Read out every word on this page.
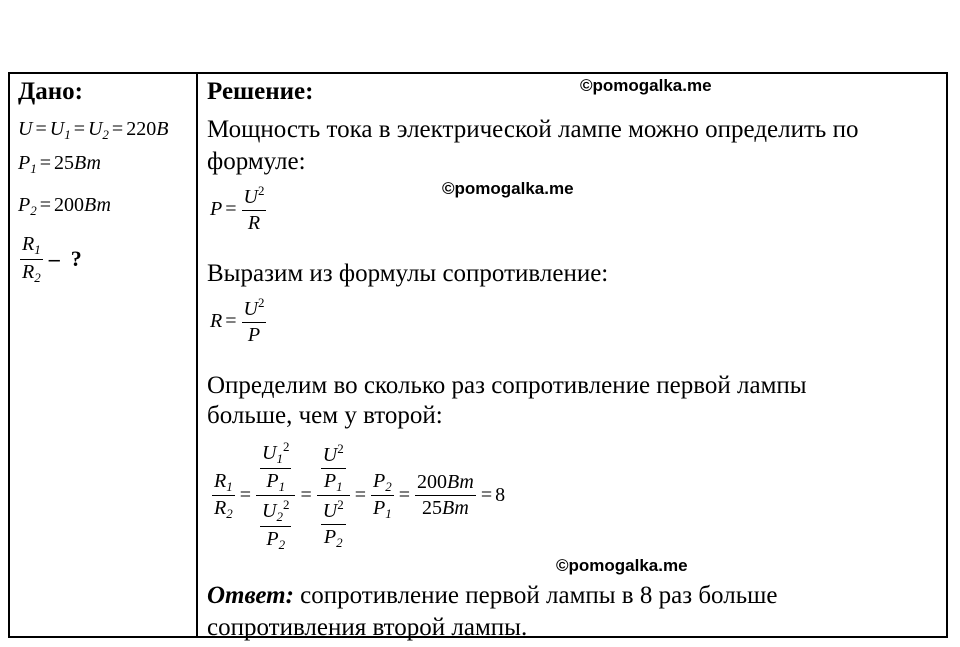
Дано:
$U = U_1 = U_2 = 220В$
$P_1 = 25Вт$
$P_2 = 200Вт$
$\frac{R_1}{R_2}$ –  ?
Решение:	©pomogalka.me
Мощность тока в электрической лампе можно определить по
формуле:
©pomogalka.me
$P = \frac{U^2}{R}$
Выразим из формулы сопротивление:
$R = \frac{U^2}{P}$
Определим во сколько раз сопротивление первой лампы
больше, чем у второй:
$\frac{R_1}{R_2} = \frac{\frac{U_1^2}{P_1}}{\frac{U_2^2}{P_2}} = \frac{\frac{U^2}{P_1}}{\frac{U^2}{P_2}} = \frac{P_2}{P_1} = \frac{200Вт}{25Вт} = 8$
©pomogalka.me
Ответ: сопротивление первой лампы в 8 раз больше
сопротивления второй лампы.
